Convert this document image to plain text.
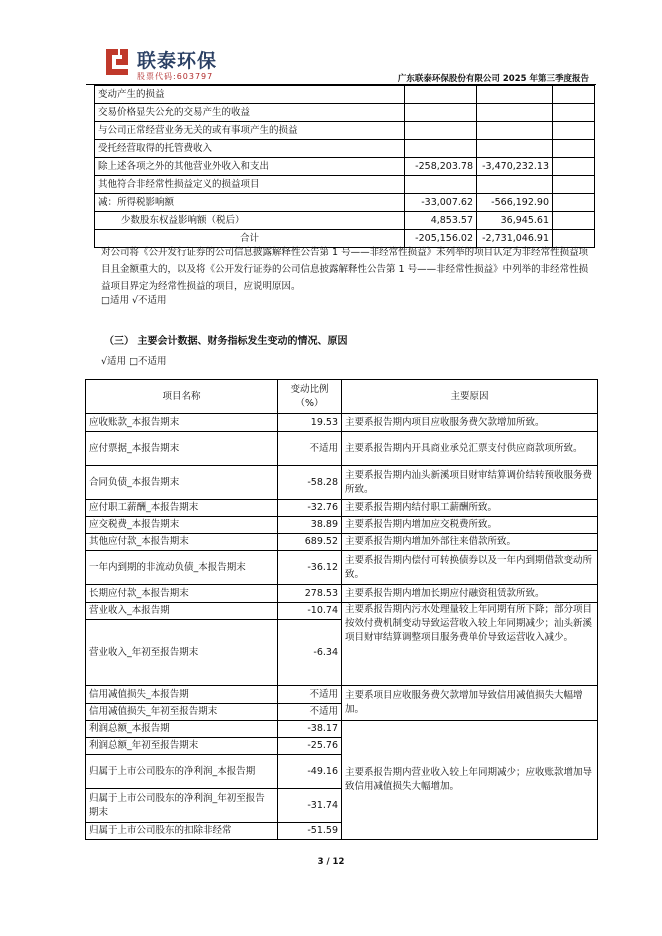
联泰环保
股票代码:603797	广东联泰环保股份有限公司 2025 年第三季度报告
变动产生的损益			
交易价格显失公允的交易产生的收益			
与公司正常经营业务无关的或有事项产生的损益			
受托经营取得的托管费收入			
除上述各项之外的其他营业外收入和支出	-258,203.78	-3,470,232.13	
其他符合非经常性损益定义的损益项目			
减：所得税影响额	-33,007.62	-566,192.90	
少数股东权益影响额（税后）	4,853.57	36,945.61	
合计	-205,156.02	-2,731,046.91	
对公司将《公开发行证券的公司信息披露解释性公告第 1 号——非经常性损益》未列举的项目认定为非经常性损益项目且金额重大的，以及将《公开发行证券的公司信息披露解释性公告第 1 号——非经常性损益》中列举的非经常性损益项目界定为经常性损益的项目，应说明原因。
□适用 √不适用
（三） 主要会计数据、财务指标发生变动的情况、原因
√适用 □不适用
项目名称	变动比例（%）	主要原因
应收账款_本报告期末	19.53	主要系报告期内项目应收服务费欠款增加所致。
应付票据_本报告期末	不适用	主要系报告期内开具商业承兑汇票支付供应商款项所致。
合同负债_本报告期末	-58.28	主要系报告期内汕头新溪项目财审结算调价结转预收服务费所致。
应付职工薪酬_本报告期末	-32.76	主要系报告期内结付职工薪酬所致。
应交税费_本报告期末	38.89	主要系报告期内增加应交税费所致。
其他应付款_本报告期末	689.52	主要系报告期内增加外部往来借款所致。
一年内到期的非流动负债_本报告期末	-36.12	主要系报告期内偿付可转换债券以及一年内到期借款变动所致。
长期应付款_本报告期末	278.53	主要系报告期内增加长期应付融资租赁款所致。
营业收入_本报告期	-10.74	主要系报告期内污水处理量较上年同期有所下降；部分项目按效付费机制变动导致运营收入较上年同期减少；汕头新溪项目财审结算调整项目服务费单价导致运营收入减少。
营业收入_年初至报告期末	-6.34	
信用减值损失_本报告期	不适用	主要系项目应收服务费欠款增加导致信用减值损失大幅增加。
信用减值损失_年初至报告期末	不适用	
利润总额_本报告期	-38.17	主要系报告期内营业收入较上年同期减少；应收账款增加导致信用减值损失大幅增加。
利润总额_年初至报告期末	-25.76	
归属于上市公司股东的净利润_本报告期	-49.16	
归属于上市公司股东的净利润_年初至报告期末	-31.74	
归属于上市公司股东的扣除非经常	-51.59	
3 / 12
